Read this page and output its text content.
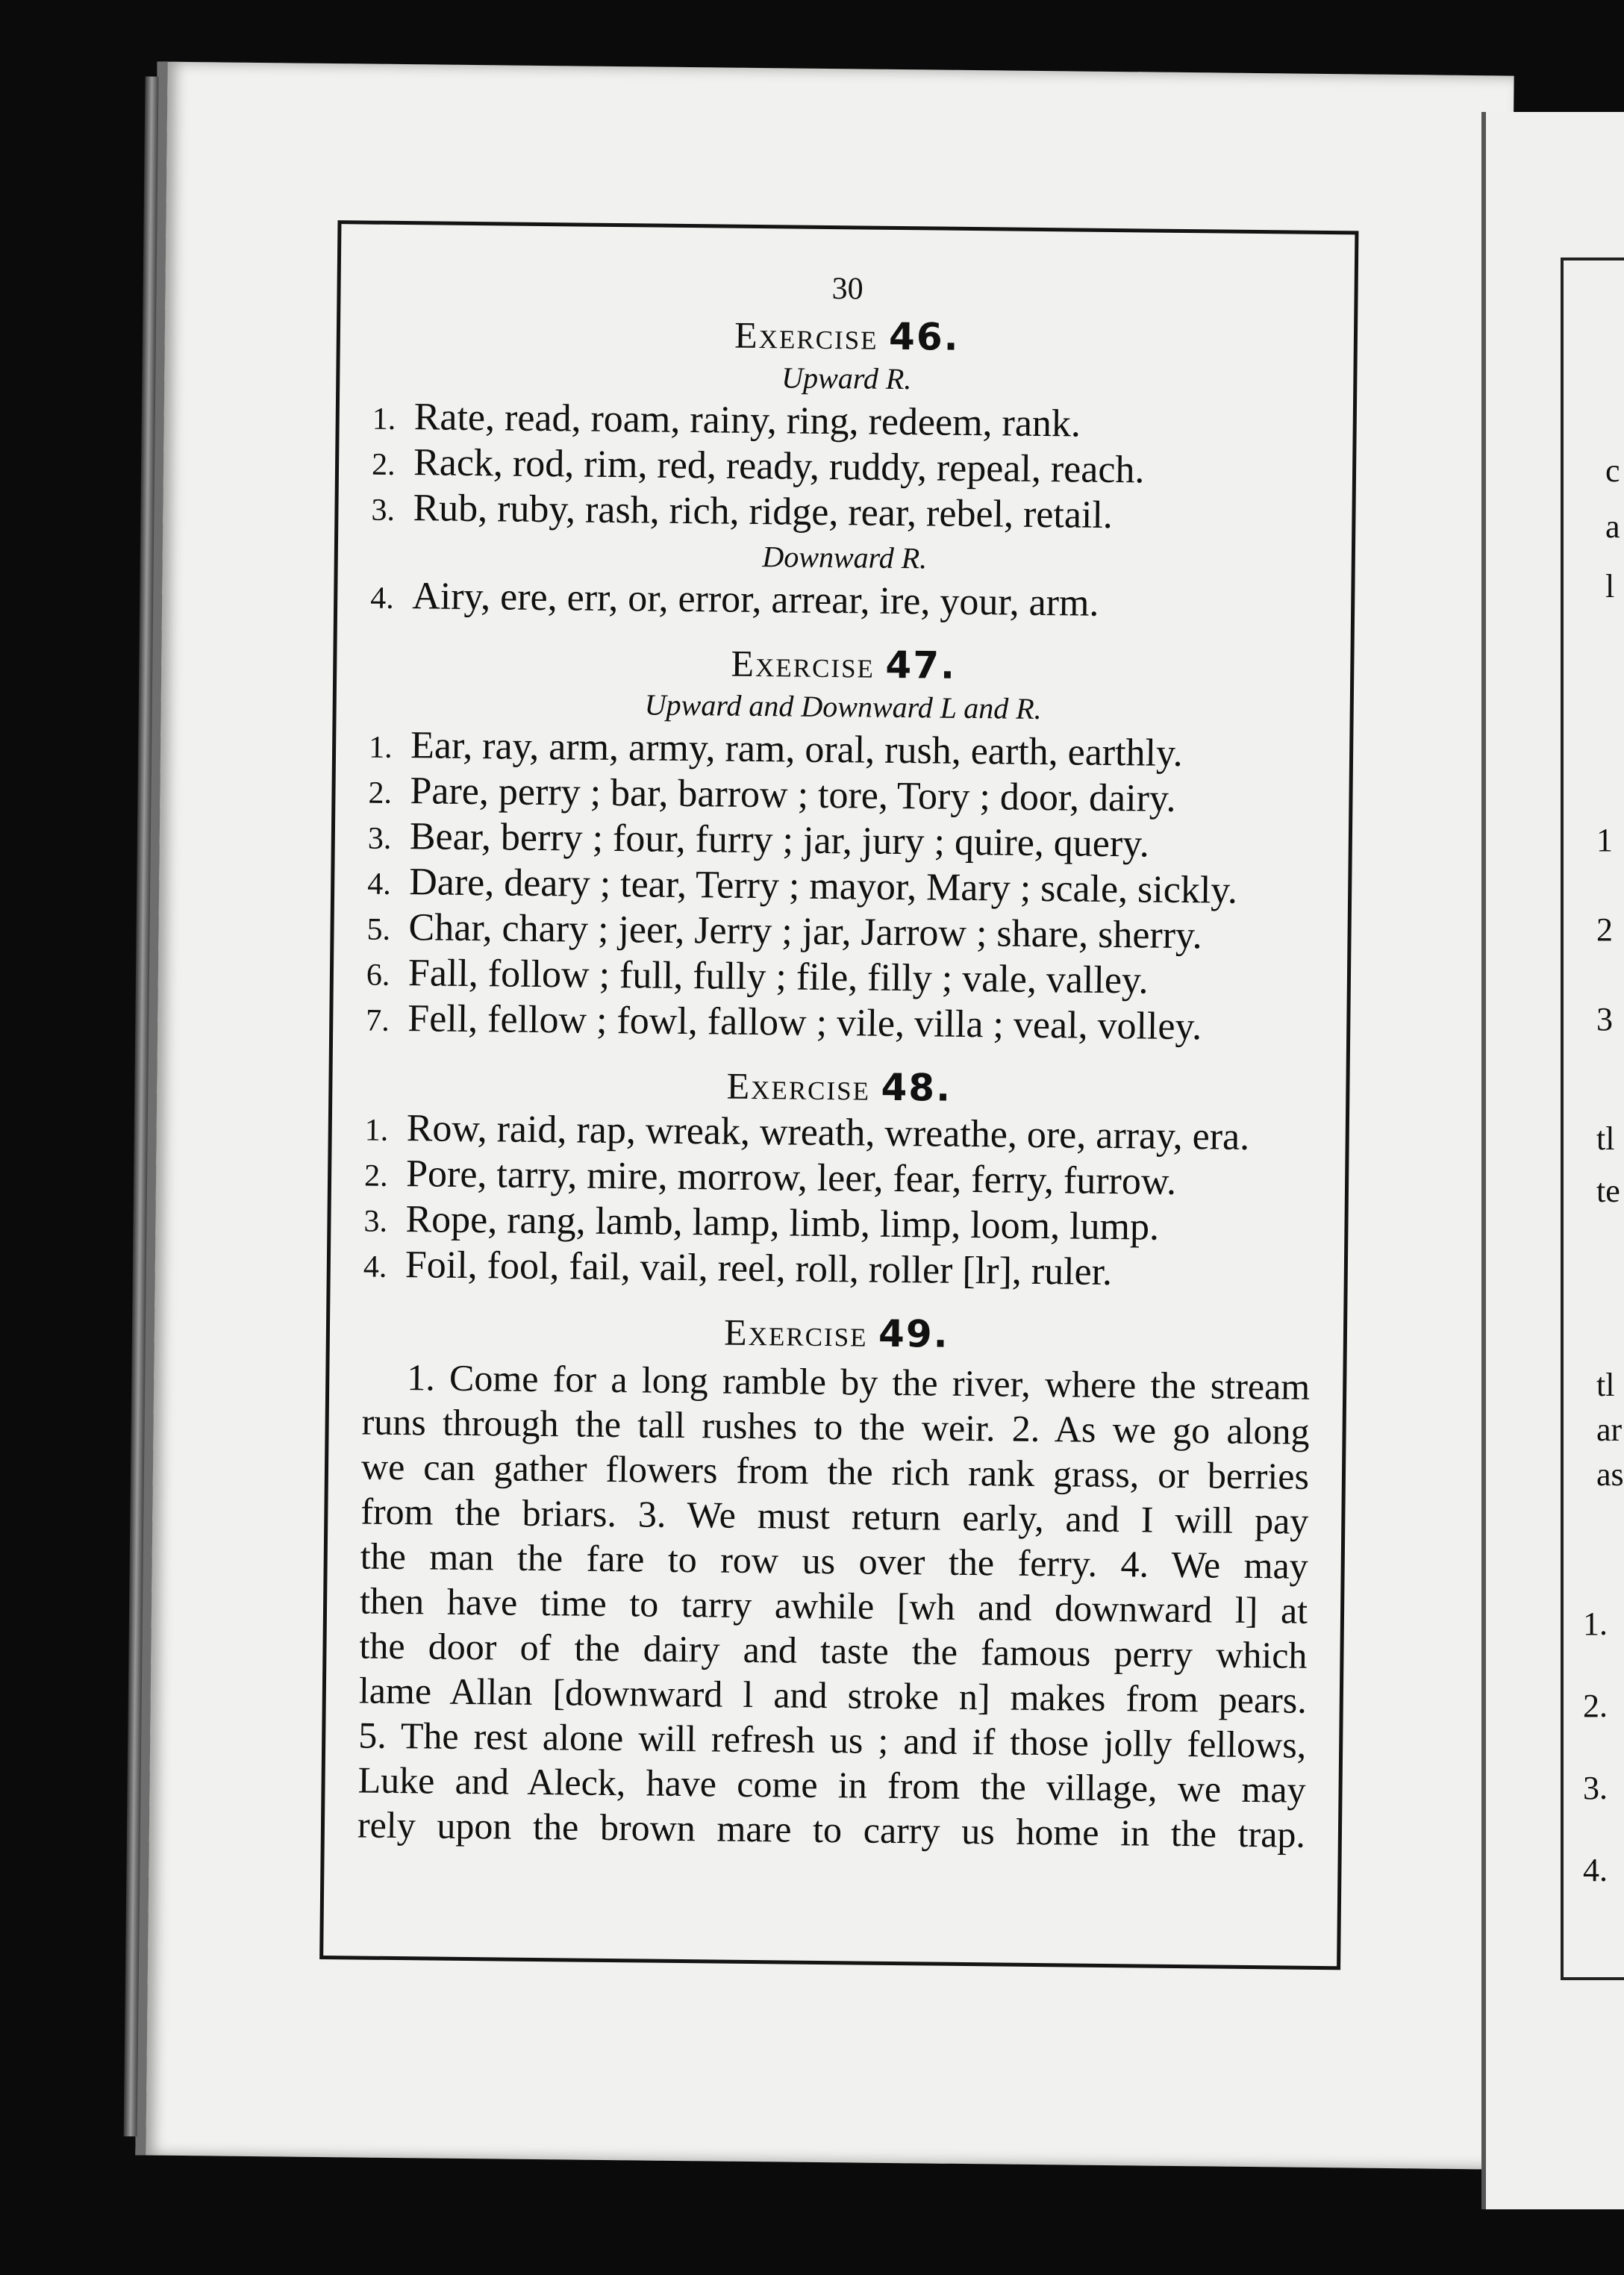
30
Exercise 46.
Upward R.
1. Rate, read, roam, rainy, ring, redeem, rank.
2. Rack, rod, rim, red, ready, ruddy, repeal, reach.
3. Rub, ruby, rash, rich, ridge, rear, rebel, retail.
Downward R.
4. Airy, ere, err, or, error, arrear, ire, your, arm.
Exercise 47.
Upward and Downward L and R.
1. Ear, ray, arm, army, ram, oral, rush, earth, earthly.
2. Pare, perry ; bar, barrow ; tore, Tory ; door, dairy.
3. Bear, berry ; four, furry ; jar, jury ; quire, query.
4. Dare, deary ; tear, Terry ; mayor, Mary ; scale, sickly.
5. Char, chary ; jeer, Jerry ; jar, Jarrow ; share, sherry.
6. Fall, follow ; full, fully ; file, filly ; vale, valley.
7. Fell, fellow ; fowl, fallow ; vile, villa ; veal, volley.
Exercise 48.
1. Row, raid, rap, wreak, wreath, wreathe, ore, array, era.
2. Pore, tarry, mire, morrow, leer, fear, ferry, furrow.
3. Rope, rang, lamb, lamp, limb, limp, loom, lump.
4. Foil, fool, fail, vail, reel, roll, roller [lr], ruler.
Exercise 49.
1. Come for a long ramble by the river, where the stream
runs through the tall rushes to the weir. 2. As we go along
we can gather flowers from the rich rank grass, or berries
from the briars. 3. We must return early, and I will pay
the man the fare to row us over the ferry. 4. We may
then have time to tarry awhile [wh and downward l] at
the door of the dairy and taste the famous perry which
lame Allan [downward l and stroke n] makes from pears.
5. The rest alone will refresh us ; and if those jolly fellows,
Luke and Aleck, have come in from the village, we may
rely upon the brown mare to carry us home in the trap.
c
a
l
1
2
3
tl
te
tl
ar
as
1.
2.
3.
4.
